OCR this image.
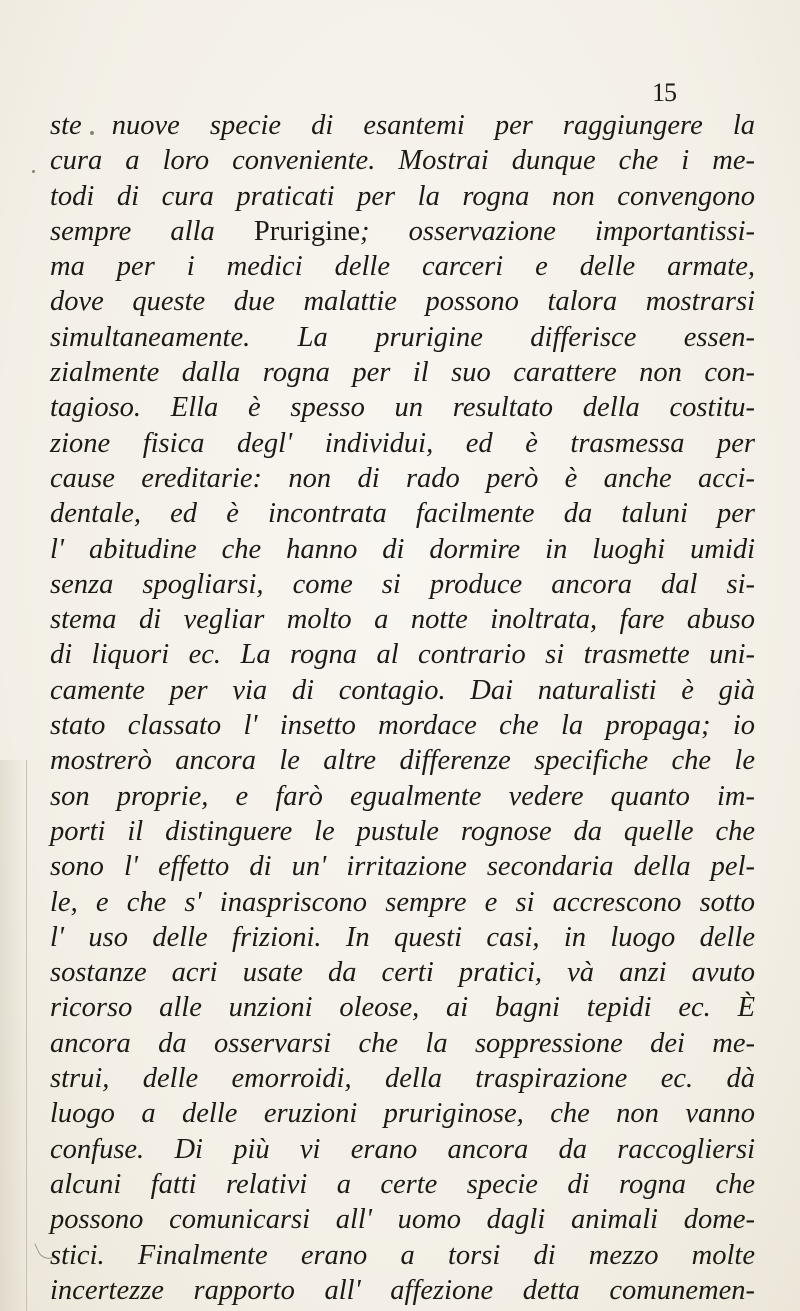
15
ste nuove specie di esantemi per raggiungere la
cura a loro conveniente. Mostrai dunque che i me-
todi di cura praticati per la rogna non convengono
sempre alla Prurigine; osservazione importantissi-
ma per i medici delle carceri e delle armate,
dove queste due malattie possono talora mostrarsi
simultaneamente. La prurigine differisce essen-
zialmente dalla rogna per il suo carattere non con-
tagioso. Ella è spesso un resultato della costitu-
zione fisica degl' individui, ed è trasmessa per
cause ereditarie: non di rado però è anche acci-
dentale, ed è incontrata facilmente da taluni per
l' abitudine che hanno di dormire in luoghi umidi
senza spogliarsi, come si produce ancora dal si-
stema di vegliar molto a notte inoltrata, fare abuso
di liquori ec. La rogna al contrario si trasmette uni-
camente per via di contagio. Dai naturalisti è già
stato classato l' insetto mordace che la propaga; io
mostrerò ancora le altre differenze specifiche che le
son proprie, e farò egualmente vedere quanto im-
porti il distinguere le pustule rognose da quelle che
sono l' effetto di un' irritazione secondaria della pel-
le, e che s' inaspriscono sempre e si accrescono sotto
l' uso delle frizioni. In questi casi, in luogo delle
sostanze acri usate da certi pratici, và anzi avuto
ricorso alle unzioni oleose, ai bagni tepidi ec. È
ancora da osservarsi che la soppressione dei me-
strui, delle emorroidi, della traspirazione ec. dà
luogo a delle eruzioni pruriginose, che non vanno
confuse. Di più vi erano ancora da raccogliersi
alcuni fatti relativi a certe specie di rogna che
possono comunicarsi all' uomo dagli animali dome-
stici. Finalmente erano a torsi di mezzo molte
incertezze rapporto all' affezione detta comunemen-
